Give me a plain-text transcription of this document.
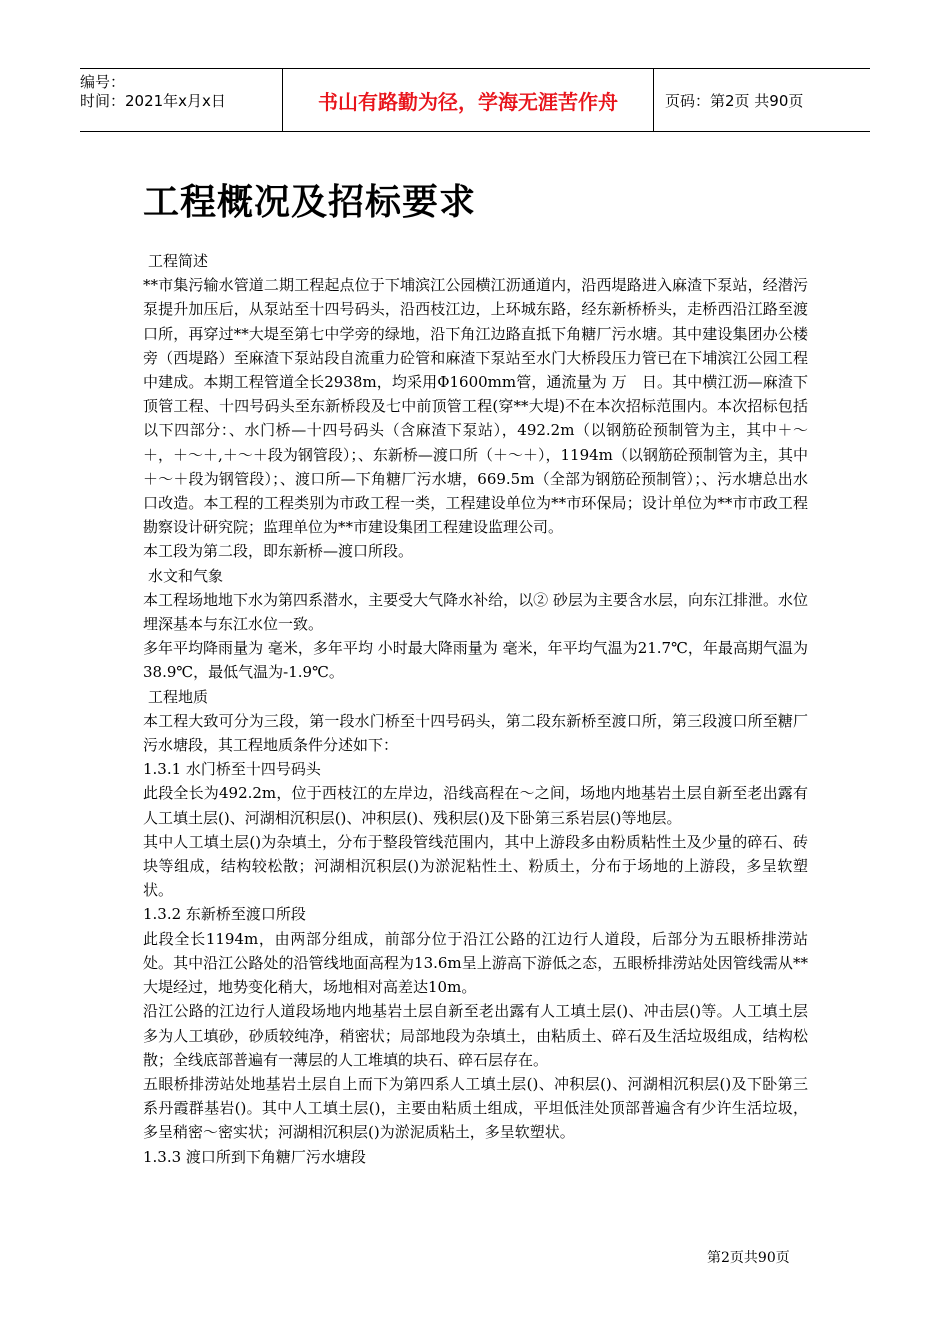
编号：
时间：2021年x月x日	书山有路勤为径，学海无涯苦作舟	页码：第2页 共90页
工程概况及招标要求

工程简述

**市集污输水管道二期工程起点位于下埔滨江公园横江沥通道内，沿西堤路进入麻渣下泵站，经潜污泵提升加压后，从泵站至十四号码头，沿西枝江边，上环城东路，经东新桥桥头，走桥西沿江路至渡口所，再穿过**大堤至第七中学旁的绿地，沿下角江边路直抵下角糖厂污水塘。其中建设集团办公楼旁（西堤路）至麻渣下泵站段自流重力砼管和麻渣下泵站至水门大桥段压力管已在下埔滨江公园工程中建成。本期工程管道全长2938m，均采用Φ1600mm管，通流量为 万　日。其中横江沥—麻渣下顶管工程、十四号码头至东新桥段及七中前顶管工程(穿**大堤)不在本次招标范围内。本次招标包括以下四部分：、水门桥—十四号码头（含麻渣下泵站），492.2m（以钢筋砼预制管为主，其中＋～＋，＋～＋,＋～＋段为钢管段）；、东新桥—渡口所（＋～＋），1194m（以钢筋砼预制管为主，其中＋～＋段为钢管段）；、渡口所—下角糖厂污水塘，669.5m（全部为钢筋砼预制管）；、污水塘总出水口改造。本工程的工程类别为市政工程一类，工程建设单位为**市环保局；设计单位为**市市政工程勘察设计研究院；监理单位为**市建设集团工程建设监理公司。

本工段为第二段，即东新桥—渡口所段。

水文和气象

本工程场地地下水为第四系潜水，主要受大气降水补给，以② 砂层为主要含水层，向东江排泄。水位埋深基本与东江水位一致。

多年平均降雨量为 毫米，多年平均 小时最大降雨量为 毫米，年平均气温为21.7℃，年最高期气温为38.9℃，最低气温为-1.9℃。

工程地质

本工程大致可分为三段，第一段水门桥至十四号码头，第二段东新桥至渡口所，第三段渡口所至糖厂污水塘段，其工程地质条件分述如下：

1.3.1 水门桥至十四号码头

此段全长为492.2m，位于西枝江的左岸边，沿线高程在～之间，场地内地基岩土层自新至老出露有人工填土层()、河湖相沉积层()、冲积层()、残积层()及下卧第三系岩层()等地层。

其中人工填土层()为杂填土，分布于整段管线范围内，其中上游段多由粉质粘性土及少量的碎石、砖块等组成，结构较松散；河湖相沉积层()为淤泥粘性土、粉质土，分布于场地的上游段，多呈软塑状。

1.3.2 东新桥至渡口所段

此段全长1194m，由两部分组成，前部分位于沿江公路的江边行人道段，后部分为五眼桥排涝站处。其中沿江公路处的沿管线地面高程为13.6m呈上游高下游低之态，五眼桥排涝站处因管线需从**大堤经过，地势变化稍大，场地相对高差达10m。

沿江公路的江边行人道段场地内地基岩土层自新至老出露有人工填土层()、冲击层()等。人工填土层多为人工填砂，砂质较纯净，稍密状；局部地段为杂填土，由粘质土、碎石及生活垃圾组成，结构松散；全线底部普遍有一薄层的人工堆填的块石、碎石层存在。

五眼桥排涝站处地基岩土层自上而下为第四系人工填土层()、冲积层()、河湖相沉积层()及下卧第三系丹霞群基岩()。其中人工填土层()，主要由粘质土组成，平坦低洼处顶部普遍含有少许生活垃圾，多呈稍密～密实状；河湖相沉积层()为淤泥质粘土，多呈软塑状。

1.3.3 渡口所到下角糖厂污水塘段

第2页共90页
